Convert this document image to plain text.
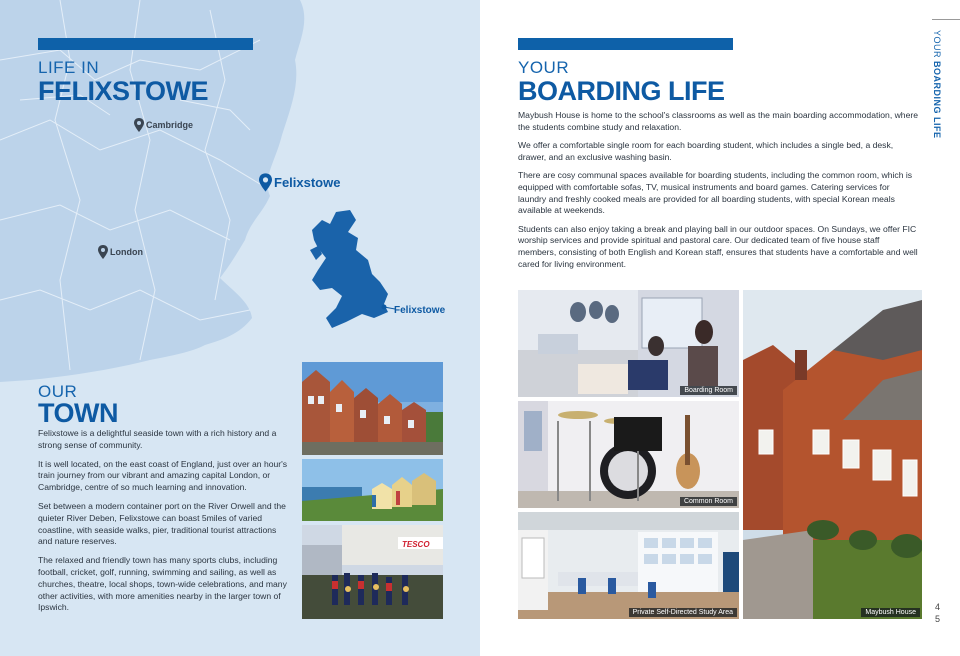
LIFE IN
FELIXSTOWE
Cambridge
Felixstowe
London
Felixstowe
OUR
TOWN

Felixstowe is a delightful seaside town with a rich history and a strong sense of community.

It is well located, on the east coast of England, just over an hour's train journey from our vibrant and amazing capital London, or Cambridge, centre of so much learning and innovation.

Set between a modern container port on the River Orwell and the quieter River Deben, Felixstowe can boast 5miles of varied coastline, with seaside walks, pier, traditional tourist attractions and nature reserves.

The relaxed and friendly town has many sports clubs, including football, cricket, golf, running, swimming and sailing, as well as churches, theatre, local shops, town-wide celebrations, and many other activities, with more amenities nearby in the larger town of Ipswich.

TESCO
YOUR
BOARDING LIFE

Maybush House is home to the school's classrooms as well as the main boarding accommodation, where the students combine study and relaxation.

We offer a comfortable single room for each boarding student, which includes a single bed, a desk, drawer, and an exclusive washing basin.

There are cosy communal spaces available for boarding students, including the common room, which is equipped with comfortable sofas, TV, musical instruments and board games. Catering services for laundry and freshly cooked meals are provided for all boarding students, with special Korean meals available at weekends.

Students can also enjoy taking a break and playing ball in our outdoor spaces. On Sundays, we offer FIC worship services and provide spiritual and pastoral care. Our dedicated team of five house staff members, consisting of both English and Korean staff, ensures that students have a comfortable and well cared for living environment.

YOUR BOARDING LIFE
Boarding Room
Common Room
Private Self-Directed Study Area	Maybush House
4
5
